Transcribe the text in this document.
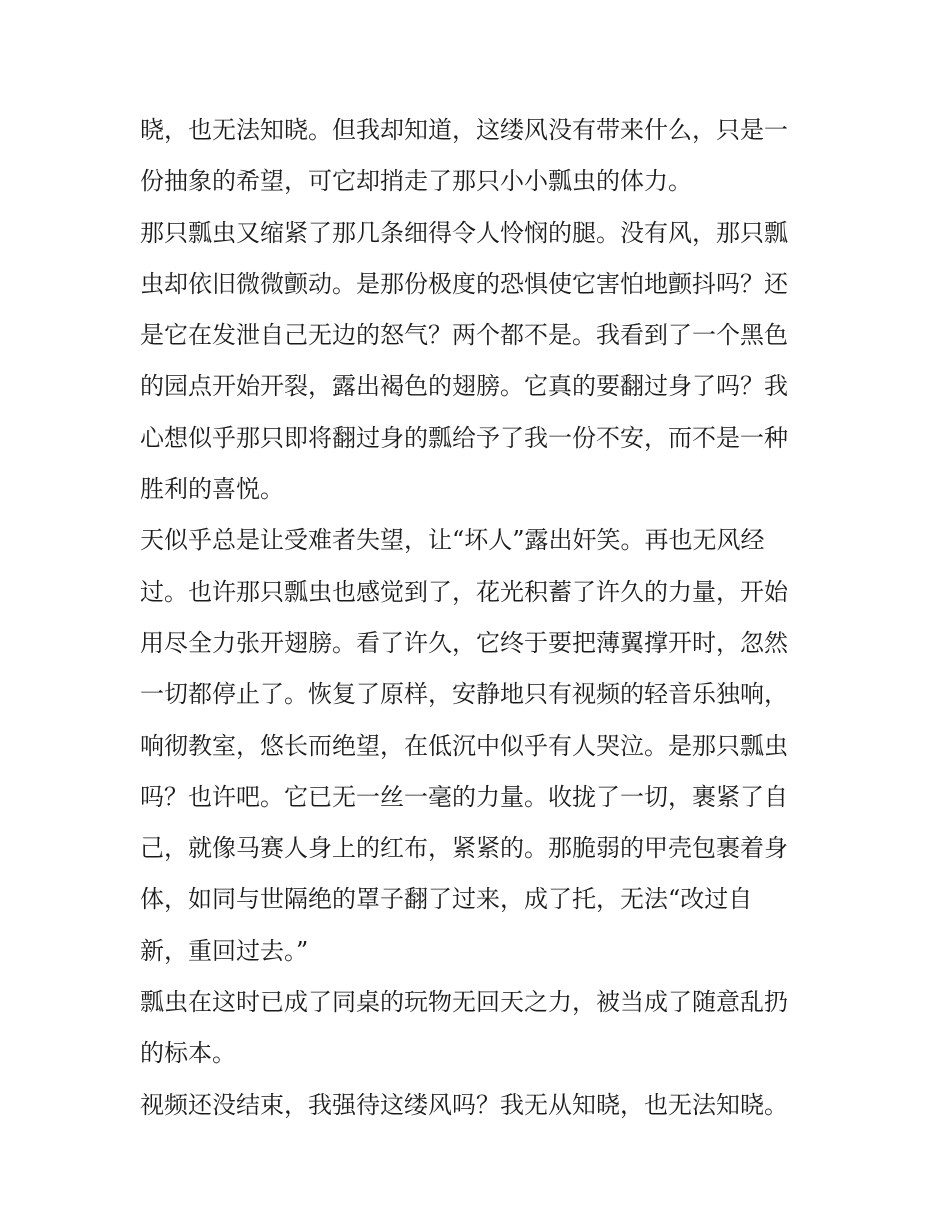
晓，也无法知晓。但我却知道，这缕风没有带来什么，只是一
份抽象的希望，可它却捎走了那只小小瓢虫的体力。
那只瓢虫又缩紧了那几条细得令人怜悯的腿。没有风，那只瓢
虫却依旧微微颤动。是那份极度的恐惧使它害怕地颤抖吗？还
是它在发泄自己无边的怒气？两个都不是。我看到了一个黑色
的园点开始开裂，露出褐色的翅膀。它真的要翻过身了吗？我
心想似乎那只即将翻过身的瓢给予了我一份不安，而不是一种
胜利的喜悦。
天似乎总是让受难者失望，让“坏人”露出奸笑。再也无风经
过。也许那只瓢虫也感觉到了，花光积蓄了许久的力量，开始
用尽全力张开翅膀。看了许久，它终于要把薄翼撑开时，忽然
一切都停止了。恢复了原样，安静地只有视频的轻音乐独响，
响彻教室，悠长而绝望，在低沉中似乎有人哭泣。是那只瓢虫
吗？也许吧。它已无一丝一毫的力量。收拢了一切，裹紧了自
己，就像马赛人身上的红布，紧紧的。那脆弱的甲壳包裹着身
体，如同与世隔绝的罩子翻了过来，成了托，无法“改过自
新，重回过去。”
瓢虫在这时已成了同桌的玩物无回天之力，被当成了随意乱扔
的标本。
视频还没结束，我强待这缕风吗？我无从知晓，也无法知晓。
